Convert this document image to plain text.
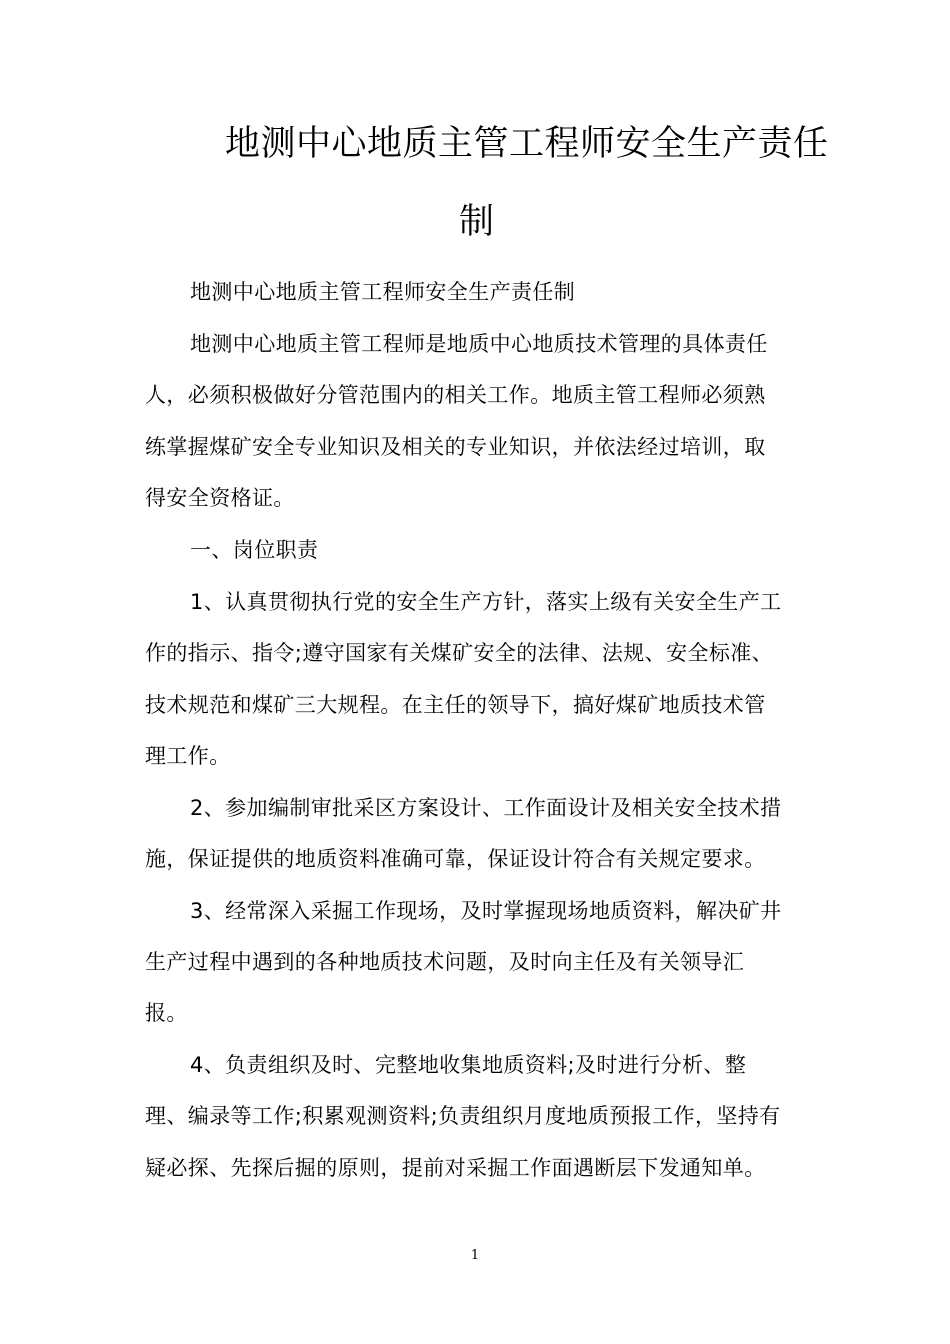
地测中心地质主管工程师安全生产责任
制
地测中心地质主管工程师安全生产责任制
地测中心地质主管工程师是地质中心地质技术管理的具体责任
人，必须积极做好分管范围内的相关工作。地质主管工程师必须熟
练掌握煤矿安全专业知识及相关的专业知识，并依法经过培训，取
得安全资格证。
一、岗位职责
1、认真贯彻执行党的安全生产方针，落实上级有关安全生产工
作的指示、指令;遵守国家有关煤矿安全的法律、法规、安全标准、
技术规范和煤矿三大规程。在主任的领导下，搞好煤矿地质技术管
理工作。
2、参加编制审批采区方案设计、工作面设计及相关安全技术措
施，保证提供的地质资料准确可靠，保证设计符合有关规定要求。
3、经常深入采掘工作现场，及时掌握现场地质资料，解决矿井
生产过程中遇到的各种地质技术问题，及时向主任及有关领导汇
报。
4、负责组织及时、完整地收集地质资料;及时进行分析、整
理、编录等工作;积累观测资料;负责组织月度地质预报工作，坚持有
疑必探、先探后掘的原则，提前对采掘工作面遇断层下发通知单。
1
